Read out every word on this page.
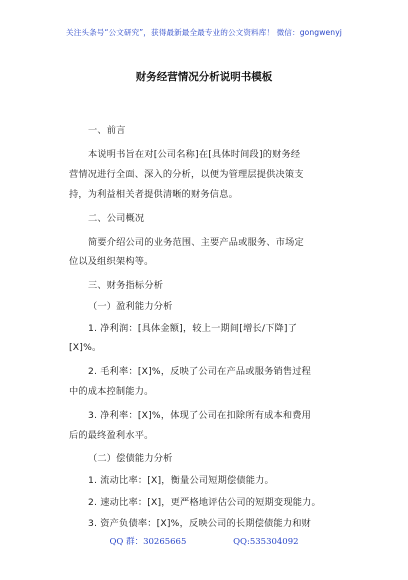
关注头条号“公文研究”，获得最新最全最专业的公文资料库！ 微信：gongwenyj
财务经营情况分析说明书模板
一、前言
本说明书旨在对[公司名称]在[具体时间段]的财务经
营情况进行全面、深入的分析，以便为管理层提供决策支
持，为利益相关者提供清晰的财务信息。
二、公司概况
简要介绍公司的业务范围、主要产品或服务、市场定
位以及组织架构等。
三、财务指标分析
（一）盈利能力分析
1. 净利润：[具体金额]，较上一期间[增长/下降]了
[X]%。
2. 毛利率：[X]%，反映了公司在产品或服务销售过程
中的成本控制能力。
3. 净利率：[X]%，体现了公司在扣除所有成本和费用
后的最终盈利水平。
（二）偿债能力分析
1. 流动比率：[X]，衡量公司短期偿债能力。
2. 速动比率：[X]，更严格地评估公司的短期变现能力。
3. 资产负债率：[X]%，反映公司的长期偿债能力和财
QQ 群：30265665	QQ:535304092
